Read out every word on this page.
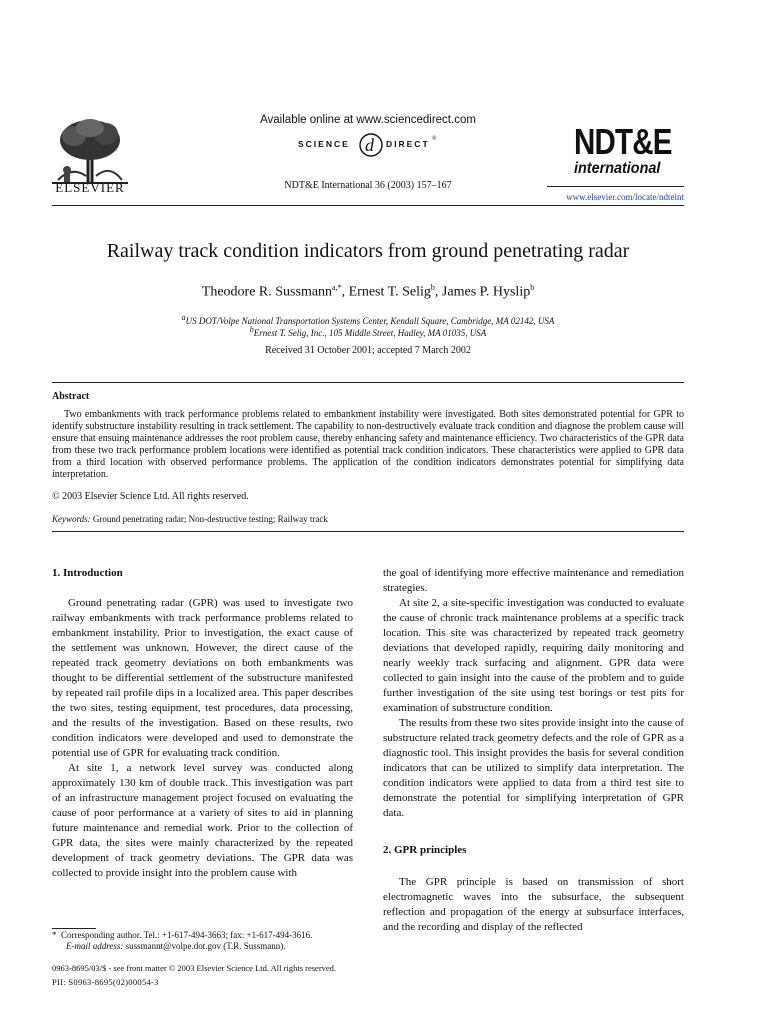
ELSEVIER
Available online at www.sciencedirect.com
SCIENCE d DIRECT ®
NDT&E International 36 (2003) 157–167
NDT&E
international
www.elsevier.com/locate/ndteint
Railway track condition indicators from ground penetrating radar
Theodore R. Sussmann$^{a,*}$, Ernest T. Selig$^b$, James P. Hyslip$^b$
$^a$US DOT/Volpe National Transportation Systems Center, Kendall Square, Cambridge, MA 02142, USA
$^b$Ernest T. Selig, Inc., 105 Middle Street, Hadley, MA 01035, USA
Received 31 October 2001; accepted 7 March 2002
Abstract
Two embankments with track performance problems related to embankment instability were investigated. Both sites demonstrated potential for GPR to identify substructure instability resulting in track settlement. The capability to non-destructively evaluate track condition and diagnose the problem cause will ensure that ensuing maintenance addresses the root problem cause, thereby enhancing safety and maintenance efficiency. Two characteristics of the GPR data from these two track performance problem locations were identified as potential track condition indicators. These characteristics were applied to GPR data from a third location with observed performance problems. The application of the condition indicators demonstrates potential for simplifying data interpretation.
© 2003 Elsevier Science Ltd. All rights reserved.
Keywords: Ground penetrating radar; Non-destructive testing; Railway track
1. Introduction

Ground penetrating radar (GPR) was used to investigate two railway embankments with track performance problems related to embankment instability. Prior to investigation, the exact cause of the settlement was unknown. However, the direct cause of the repeated track geometry deviations on both embankments was thought to be differential settlement of the substructure manifested by repeated rail profile dips in a localized area. This paper describes the two sites, testing equipment, test procedures, data processing, and the results of the investigation. Based on these results, two condition indicators were developed and used to demonstrate the potential use of GPR for evaluating track condition.

At site 1, a network level survey was conducted along approximately 130 km of double track. This investigation was part of an infrastructure management project focused on evaluating the cause of poor performance at a variety of sites to aid in planning future maintenance and remedial work. Prior to the collection of GPR data, the sites were mainly characterized by the repeated development of track geometry deviations. The GPR data was collected to provide insight into the problem cause with

the goal of identifying more effective maintenance and remediation strategies.

At site 2, a site-specific investigation was conducted to evaluate the cause of chronic track maintenance problems at a specific track location. This site was characterized by repeated track geometry deviations that developed rapidly, requiring daily monitoring and nearly weekly track surfacing and alignment. GPR data were collected to gain insight into the cause of the problem and to guide further investigation of the site using test borings or test pits for examination of substructure condition.

The results from these two sites provide insight into the cause of substructure related track geometry defects and the role of GPR as a diagnostic tool. This insight provides the basis for several condition indicators that can be utilized to simplify data interpretation. The condition indicators were applied to data from a third test site to demonstrate the potential for simplifying interpretation of GPR data.

2. GPR principles

The GPR principle is based on transmission of short electromagnetic waves into the subsurface, the subsequent reflection and propagation of the energy at subsurface interfaces, and the recording and display of the reflected

* Corresponding author. Tel.: +1-617-494-3663; fax: +1-617-494-3616.
E-mail address: sussmannt@volpe.dot.gov (T.R. Sussmann).
0963-8695/03/$ - see front matter © 2003 Elsevier Science Ltd. All rights reserved.
PII: S0963-8695(02)00054-3
